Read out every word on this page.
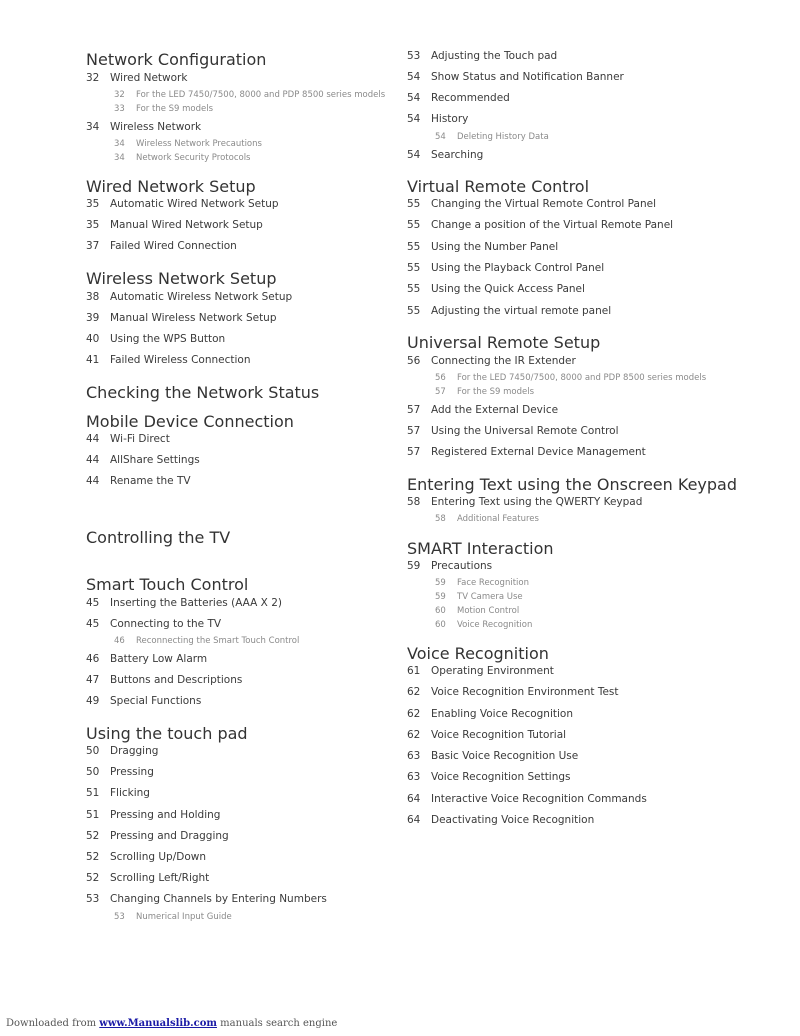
Network Configuration
32 Wired Network
32 For the LED 7450/7500, 8000 and PDP 8500 series models
33 For the S9 models
34 Wireless Network
34 Wireless Network Precautions
34 Network Security Protocols
Wired Network Setup
35 Automatic Wired Network Setup
35 Manual Wired Network Setup
37 Failed Wired Connection
Wireless Network Setup
38 Automatic Wireless Network Setup
39 Manual Wireless Network Setup
40 Using the WPS Button
41 Failed Wireless Connection
Checking the Network Status
Mobile Device Connection
44 Wi-Fi Direct
44 AllShare Settings
44 Rename the TV
Controlling the TV
Smart Touch Control
45 Inserting the Batteries (AAA X 2)
45 Connecting to the TV
46 Reconnecting the Smart Touch Control
46 Battery Low Alarm
47 Buttons and Descriptions
49 Special Functions
Using the touch pad
50 Dragging
50 Pressing
51 Flicking
51 Pressing and Holding
52 Pressing and Dragging
52 Scrolling Up/Down
52 Scrolling Left/Right
53 Changing Channels by Entering Numbers
53 Numerical Input Guide
53 Adjusting the Touch pad
54 Show Status and Notification Banner
54 Recommended
54 History
54 Deleting History Data
54 Searching
Virtual Remote Control
55 Changing the Virtual Remote Control Panel
55 Change a position of the Virtual Remote Panel
55 Using the Number Panel
55 Using the Playback Control Panel
55 Using the Quick Access Panel
55 Adjusting the virtual remote panel
Universal Remote Setup
56 Connecting the IR Extender
56 For the LED 7450/7500, 8000 and PDP 8500 series models
57 For the S9 models
57 Add the External Device
57 Using the Universal Remote Control
57 Registered External Device Management
Entering Text using the Onscreen Keypad
58 Entering Text using the QWERTY Keypad
58 Additional Features
SMART Interaction
59 Precautions
59 Face Recognition
59 TV Camera Use
60 Motion Control
60 Voice Recognition
Voice Recognition
61 Operating Environment
62 Voice Recognition Environment Test
62 Enabling Voice Recognition
62 Voice Recognition Tutorial
63 Basic Voice Recognition Use
63 Voice Recognition Settings
64 Interactive Voice Recognition Commands
64 Deactivating Voice Recognition
Downloaded from www.Manualslib.com manuals search engine
